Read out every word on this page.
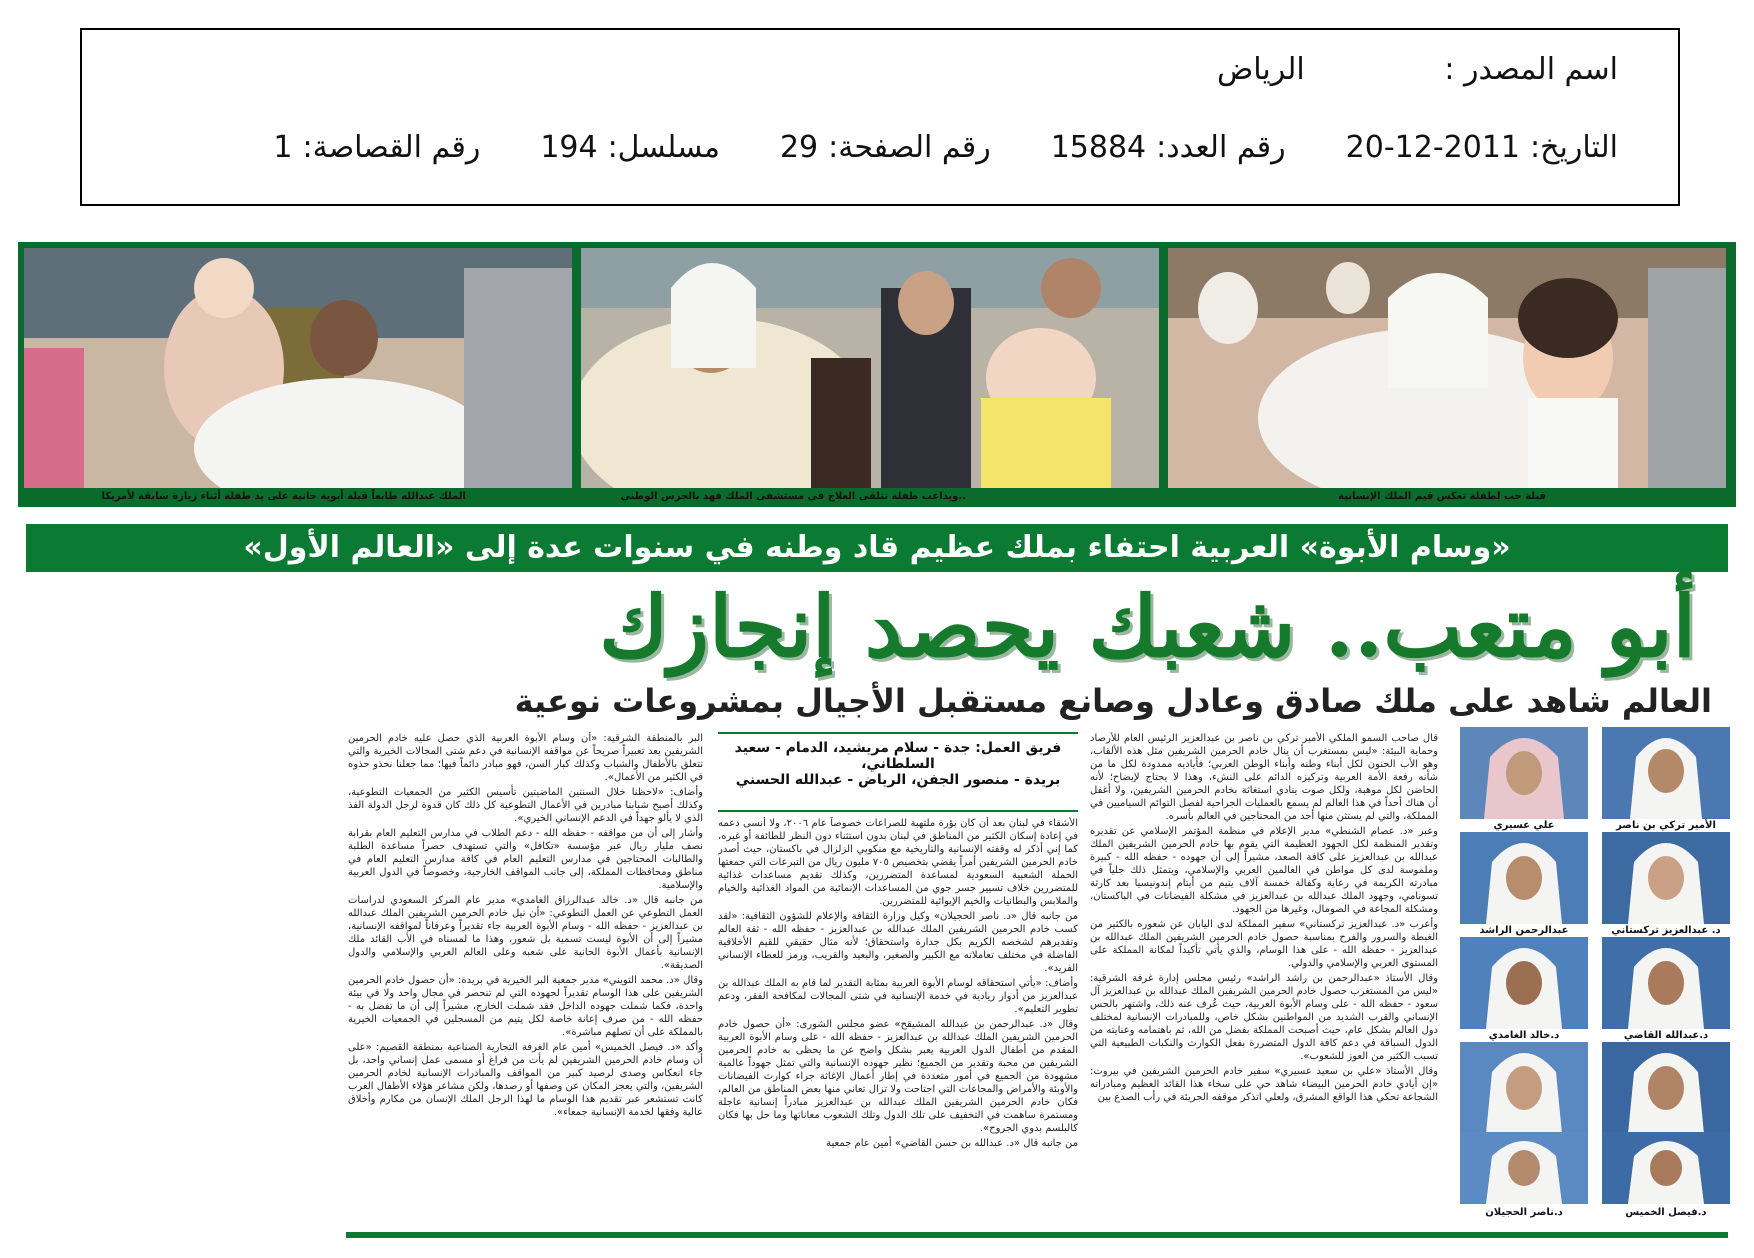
اسم المصدر : الرياض
التاريخ:2011-12-20
رقم العدد:15884
رقم الصفحة:29
مسلسل:194
رقم القصاصة:1
قبلة حب لطفلة تعكس قيم الملك الإنسانية
..ويداعب طفلة تتلقى العلاج في مستشفى الملك فهد بالحرس الوطني
الملك عبدالله طابعاً قبلة أبوية حانية على يد طفلة أثناء زيارة سابقة لأمريكا
«وسام الأبوة» العربية احتفاء بملك عظيم قاد وطنه في سنوات عدة إلى «العالم الأول»
أبو متعب.. شعبك يحصد إنجازك
العالم شاهد على ملك صادق وعادل وصانع مستقبل الأجيال بمشروعات نوعية
الأمير تركي بن ناصر
علي عسيري
د. عبدالعزيز تركستاني
عبدالرحمن الراشد
د.عبدالله القاضي
د.خالد الغامدي
د.فيصل الخميس
د.ناصر الحجيلان

قال صاحب السمو الملكي الأمير تركي بن ناصر بن عبدالعزيز الرئيس العام للأرصاد وحماية البيئة: «ليس بمستغرب أن ينال خادم الحرمين الشريفين مثل هذه الألقاب، وهو الأب الحنون لكل أبناء وطنه وأبناء الوطن العربي؛ فأياديه ممدودة لكل ما من شأنه رفعة الأمة العربية وتركيزه الدائم على النشء، وهذا لا يحتاج لإيضاح؛ لأنه الحاضن لكل موهبة، ولكل صوت ينادي استغاثة بخادم الحرمين الشريفين، ولا أغفل أن هناك أحداً في هذا العالم لم يسمع بالعمليات الجراحية لفصل التوائم السياميين في المملكة، والتي لم يستثن منها أحد من المحتاجين في العالم بأسره.

وعبر «د. عصام الشنطي» مدير الإعلام في منظمة المؤتمر الإسلامي عن تقديره وتقدير المنظمة لكل الجهود العظيمة التي يقوم بها خادم الحرمين الشريفين الملك عبدالله بن عبدالعزيز على كافة الصعد، مشيراً إلى أن جهوده - حفظه الله - كبيرة وملموسة لدى كل مواطن في العالمين العربي والإسلامي، ويتمثل ذلك جلياً في مبادرته الكريمة في رعاية وكفالة خمسة آلاف يتيم من أيتام إندونيسيا بعد كارثة تسونامي، وجهود الملك عبدالله بن عبدالعزيز في مشكلة الفيضانات في الباكستان، ومشكلة المجاعة في الصومال، وغيرها من الجهود.

وأعرب «د. عبدالعزيز تركستاني» سفير المملكة لدى اليابان عن شعوره بالكثير من الغبطة والسرور والفرح بمناسبة حصول خادم الحرمين الشريفين الملك عبدالله بن عبدالعزيز - حفظه الله - على هذا الوسام، والذي يأتي تأكيداً لمكانة المملكة على المستوى العربي والإسلامي والدولي.

وقال الأستاذ «عبدالرحمن بن راشد الراشد» رئيس مجلس إدارة غرفة الشرقية: «ليس من المستغرب حصول خادم الحرمين الشريفين الملك عبدالله بن عبدالعزيز آل سعود - حفظه الله - على وسام الأبوة العربية، حيث عُرف عنه ذلك، واشتهر بالحس الإنساني والقرب الشديد من المواطنين بشكل خاص، وللمبادرات الإنسانية لمختلف دول العالم بشكل عام، حيث أصبحت المملكة بفضل من الله، ثم باهتمامه وعنايته من الدول السباقة في دعم كافة الدول المتضررة بفعل الكوارث والنكبات الطبيعية التي تسبب الكثير من العوز للشعوب».

وقال الأستاذ «علي بن سعيد عسيري» سفير خادم الحرمين الشريفين في بيروت: «إن أيادي خادم الحرمين البيضاء شاهد حي على سخاء هذا القائد العظيم ومبادراته الشجاعة تحكي هذا الواقع المشرق، ولعلي اتذكر موقفه الجريئة في رأب الصدع بين

فريق العمل: جدة - سلام مريشيد، الدمام - سعيد السلطاني،
بريدة - منصور الجفن، الرياض - عبدالله الحسني

الأشقاء في لبنان بعد أن كان بؤرة ملتهبة للصراعات خصوصاً عام ٢٠٠٦، ولا أنسى دعمه في إعادة إسكان الكثير من المناطق في لبنان بدون استثناء دون النظر للطائفة أو غيره، كما إني أذكر له وقفته الإنسانية والتاريخية مع منكوبي الزلزال في باكستان، حيث أصدر خادم الحرمين الشريفين أمراً يقضي بتخصيص ٧٠٥ مليون ريال من التبرعات التي جمعتها الحملة الشعبية السعودية لمساعدة المتضررين، وكذلك تقديم مساعدات غذائية للمتضررين خلاف تسيير جسر جوي من المساعدات الإنمائية من المواد الغذائية والخيام والملابس والبطانيات والخيم الإيوائية للمتضررين.

من جانبه قال «د. ناصر الحجيلان» وكيل وزارة الثقافة والإعلام للشؤون الثقافية: «لقد كسب خادم الحرمين الشريفين الملك عبدالله بن عبدالعزيز - حفظه الله - ثقة العالم وتقديرهم لشخصه الكريم بكل جدارة واستحقاق؛ لأنه مثال حقيقي للقيم الأخلاقية الفاضلة في مختلف تعاملاته مع الكبير والصغير، والبعيد والقريب، ورمز للعطاء الإنساني الفريد».

وأضاف: «يأتي استحقاقه لوسام الأبوة العربية بمثابة التقدير لما قام به الملك عبدالله بن عبدالعزيز من أدوار ريادية في خدمة الإنسانية في شتى المجالات لمكافحة الفقر، ودعم تطوير التعليم».

وقال «د. عبدالرحمن بن عبدالله المشيقح» عضو مجلس الشورى: «أن حصول خادم الحرمين الشريفين الملك عبدالله بن عبدالعزيز - حفظه الله - على وسام الأبوة العربية المقدم من أطفال الدول العربية يعبر بشكل واضح عن ما يحظى به خادم الحرمين الشريفين من محبة وتقدير من الجميع؛ نظير جهوده الإنسانية والتي تمثل جهوداً عالمية مشهودة من الجميع في أمور متعددة في إطار أعمال الإغاثة جراء كوارث الفيضانات والأوبئة والأمراض والمجاعات التي اجتاحت ولا تزال تعاني منها بعض المناطق من العالم، فكان خادم الحرمين الشريفين الملك عبدالله بن عبدالعزيز مبادراً إنسانية عاجلة ومستمرة ساهمت في التخفيف على تلك الدول وتلك الشعوب معاناتها وما حل بها فكان كالبلسم بدوي الجروح».

من جانبه قال «د. عبدالله بن حسن القاضي» أمين عام جمعية

البر بالمنطقة الشرقية: «أن وسام الأبوة العربية الذي حصل عليه خادم الحرمين الشريفين يعد تعبيراً صريحاً عن مواقفه الإنسانية في دعم شتى المجالات الخيرية والتي تتعلق بالأطفال والشباب وكذلك كبار السن، فهو مبادر دائماً فيها؛ مما جعلنا نحذو حذوه في الكثير من الأعمال».

وأضاف: «لاحظنا خلال السنتين الماضيتين تأسيس الكثير من الجمعيات التطوعية، وكذلك أصبح شبابنا مبادرين في الأعمال التطوعية كل ذلك كان قدوة لرجل الدولة الفذ الذي لا يألو جهداً في الدعم الإنساني الخيري».

وأشار إلى أن من مواقفه - حفظه الله - دعم الطلاب في مدارس التعليم العام بقرابة نصف مليار ريال عبر مؤسسة «تكافل» والتي تستهدف حصراً مساعدة الطلبة والطالبات المحتاجين في مدارس التعليم العام في كافة مدارس التعليم العام في مناطق ومحافظات المملكة، إلى جانب المواقف الخارجية، وخصوصاً في الدول العربية والإسلامية.

من جانبه قال «د. خالد عبدالرزاق الغامدي» مدير عام المركز السعودي لدراسات العمل التطوعي عن العمل التطوعي: «أن نيل خادم الحرمين الشريفين الملك عبدالله بن عبدالعزيز - حفظه الله - وسام الأبوة العربية جاء تقديراً وعرفاناً لمواقفه الإنسانية، مشيراً إلى أن الأبوة ليست تسمية بل شعور، وهذا ما لمسناه في الأب القائد ملك الإنسانية بأعمال الأبوة الحانية على شعبه وعلى العالم العربي والإسلامي والدول الصديقة».

وقال «د. محمد التويني» مدير جمعية البر الخيرية في بريدة: «أن حصول خادم الحرمين الشريفين على هذا الوسام تقديراً لجهوده التي لم تنحصر في مجال واحد ولا في بيئة واحدة، فكما شملت جهوده الداخل فقد شملت الخارج، مشيراً إلى أن ما تفضل به - حفظه الله - من صرف إعانة خاصة لكل يتيم من المسجلين في الجمعيات الخيرية بالمملكة على أن تصلهم مباشرة».

وأكد «د. فيصل الخميس» أمين عام الغرفة التجارية الصناعية بمنطقة القصيم: «على أن وسام خادم الحرمين الشريفين لم يأت من فراغ أو مسمى عمل إنساني واحد، بل جاء انعكاس وصدى لرصيد كبير من المواقف والمبادرات الإنسانية لخادم الحرمين الشريفين، والتي يعجز المكان عن وصفها أو رصدها، ولكن مشاعر هؤلاء الأطفال العرب كانت تستشعر عبر تقديم هذا الوسام ما لهذا الرجل الملك الإنسان من مكارم وأخلاق عالية وفقها لخدمة الإنسانية جمعاء».
